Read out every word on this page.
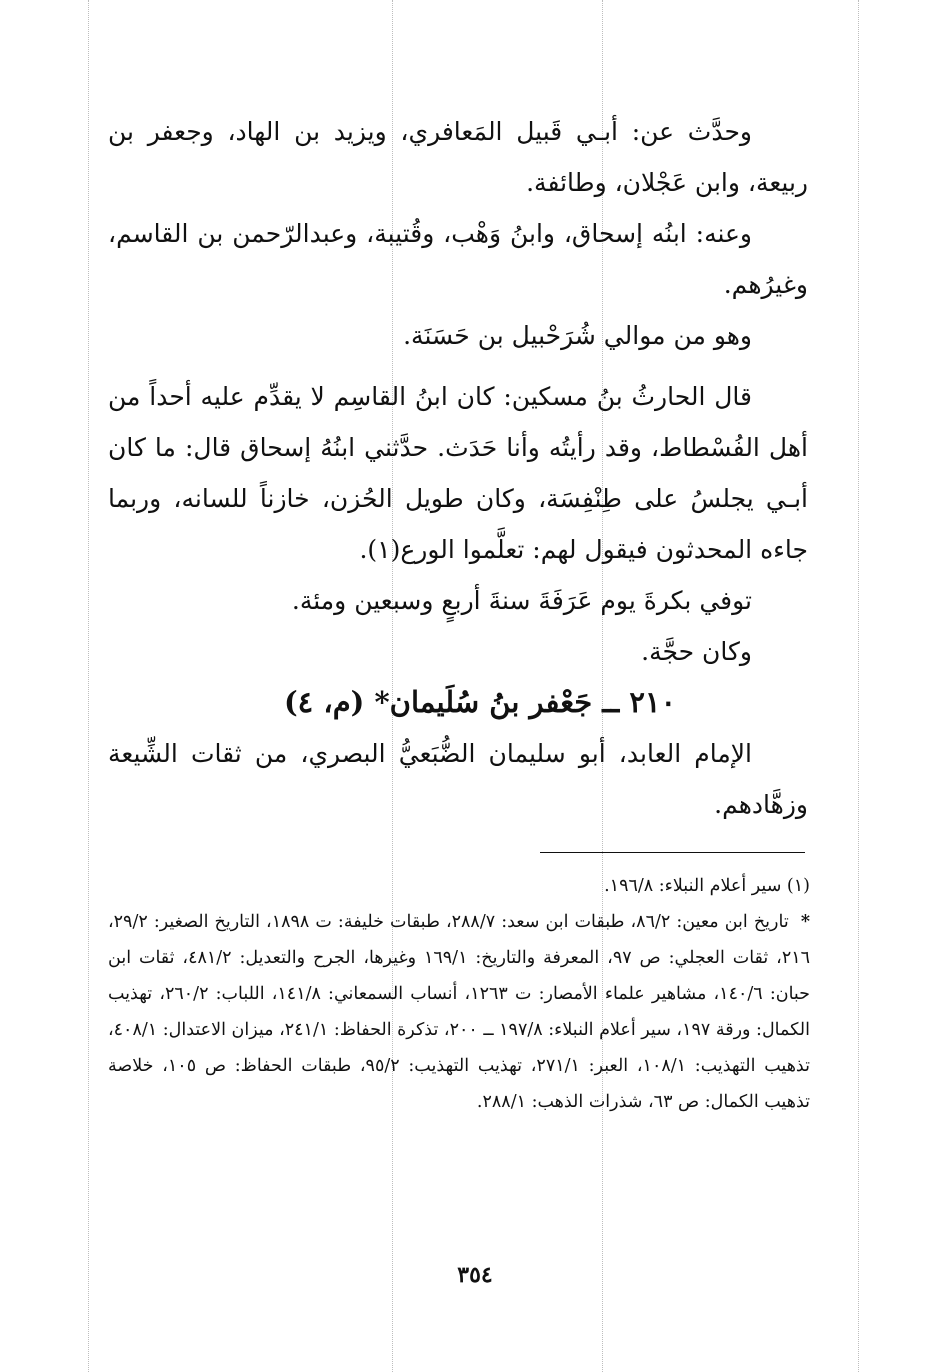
وحدَّث عن: أبـي قَبيل المَعافري، ويزيد بن الهاد، وجعفر بن ربيعة، وابن عَجْلان، وطائفة.

وعنه: ابنُه إسحاق، وابنُ وَهْب، وقُتيبة، وعبدالرّحمن بن القاسم، وغيرُهم.

وهو من موالي شُرَحْبيل بن حَسَنَة.

قال الحارثُ بنُ مسكين: كان ابنُ القاسِم لا يقدِّم عليه أحداً من أهل الفُسْطاط، وقد رأيتُه وأنا حَدَث. حدَّثني ابنُهُ إسحاق قال: ما كان أبـي يجلسُ على طِنْفِسَة، وكان طويل الحُزن، خازناً للسانه، وربما جاءه المحدثون فيقول لهم: تعلَّموا الورع(١).

توفي بكرةَ يوم عَرَفَةَ سنةَ أربعٍ وسبعين ومئة.

وكان حجَّة.

٢١٠ ــ جَعْفر بنُ سُلَيمان* (م، ٤)

الإمام العابد، أبو سليمان الضُّبَعيُّ البصري، من ثقات الشِّيعة وزهَّادهم.

(١) سير أعلام النبلاء: ١٩٦/٨.

*  تاريخ ابن معين: ٨٦/٢، طبقات ابن سعد: ٢٨٨/٧، طبقات خليفة: ت ١٨٩٨، التاريخ الصغير: ٢٩/٢، ٢١٦، ثقات العجلي: ص ٩٧، المعرفة والتاريخ: ١٦٩/١ وغيرها، الجرح والتعديل: ٤٨١/٢، ثقات ابن حبان: ١٤٠/٦، مشاهير علماء الأمصار: ت ١٢٦٣، أنساب السمعاني: ١٤١/٨، اللباب: ٢٦٠/٢، تهذيب الكمال: ورقة ١٩٧، سير أعلام النبلاء: ١٩٧/٨ ــ ٢٠٠، تذكرة الحفاظ: ٢٤١/١، ميزان الاعتدال: ٤٠٨/١، تذهيب التهذيب: ١٠٨/١، العبر: ٢٧١/١، تهذيب التهذيب: ٩٥/٢، طبقات الحفاظ: ص ١٠٥، خلاصة تذهيب الكمال: ص ٦٣، شذرات الذهب: ٢٨٨/١.

٣٥٤
